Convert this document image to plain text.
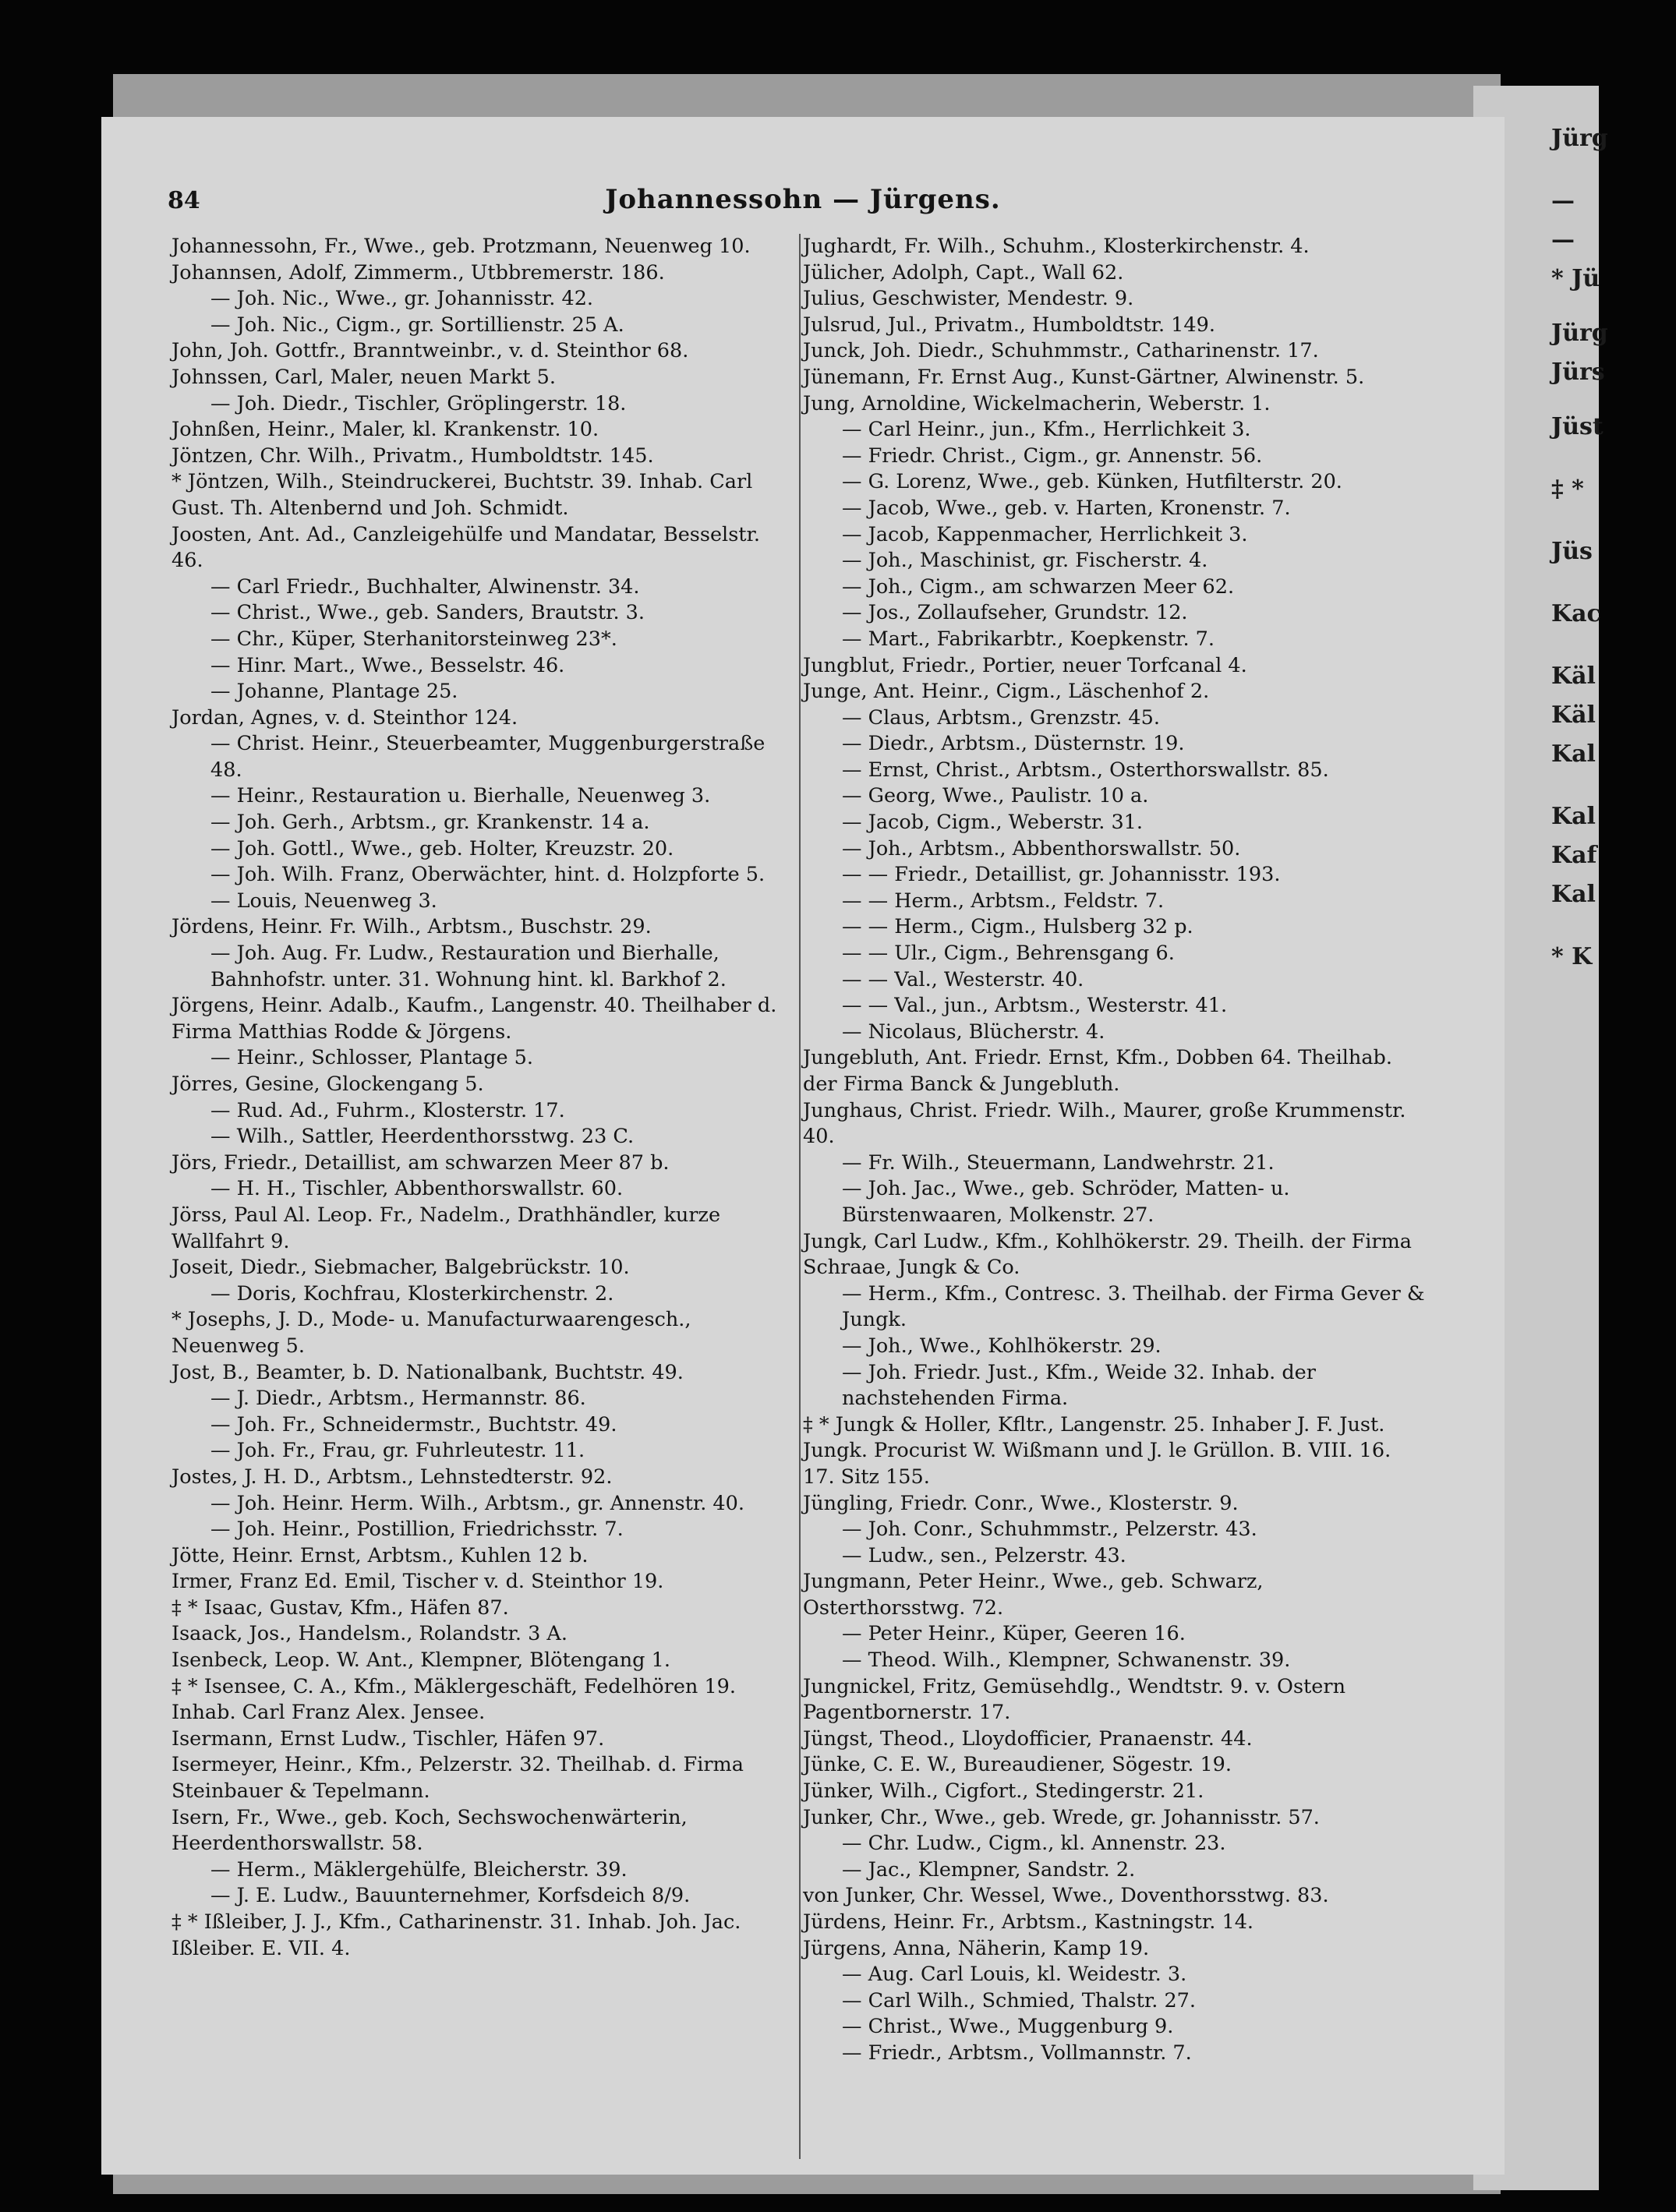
Jürg
—
—
* Jü
Jürg
Jürs
Jüst
‡ *
Jüs
Kac
Käl
Käl
Kal
Kal
Kaf
Kal
* K
84	Johannessohn — Jürgens.
Johannessohn, Fr., Wwe., geb. Protzmann, Neuenweg 10.
Johannsen, Adolf, Zimmerm., Utbbremerstr. 186.
— Joh. Nic., Wwe., gr. Johannisstr. 42.
— Joh. Nic., Cigm., gr. Sortillienstr. 25 A.
John, Joh. Gottfr., Branntweinbr., v. d. Steinthor 68.
Johnssen, Carl, Maler, neuen Markt 5.
— Joh. Diedr., Tischler, Gröplingerstr. 18.
Johnßen, Heinr., Maler, kl. Krankenstr. 10.
Jöntzen, Chr. Wilh., Privatm., Humboldtstr. 145.
* Jöntzen, Wilh., Steindruckerei, Buchtstr. 39. Inhab. Carl Gust. Th. Altenbernd und Joh. Schmidt.
Joosten, Ant. Ad., Canzleigehülfe und Mandatar, Besselstr. 46.
— Carl Friedr., Buchhalter, Alwinenstr. 34.
— Christ., Wwe., geb. Sanders, Brautstr. 3.
— Chr., Küper, Sterhanitorsteinweg 23*.
— Hinr. Mart., Wwe., Besselstr. 46.
— Johanne, Plantage 25.
Jordan, Agnes, v. d. Steinthor 124.
— Christ. Heinr., Steuerbeamter, Muggenburgerstraße 48.
— Heinr., Restauration u. Bierhalle, Neuenweg 3.
— Joh. Gerh., Arbtsm., gr. Krankenstr. 14 a.
— Joh. Gottl., Wwe., geb. Holter, Kreuzstr. 20.
— Joh. Wilh. Franz, Oberwächter, hint. d. Holzpforte 5.
— Louis, Neuenweg 3.
Jördens, Heinr. Fr. Wilh., Arbtsm., Buschstr. 29.
— Joh. Aug. Fr. Ludw., Restauration und Bierhalle, Bahnhofstr. unter. 31. Wohnung hint. kl. Barkhof 2.
Jörgens, Heinr. Adalb., Kaufm., Langenstr. 40. Theilhaber d. Firma Matthias Rodde & Jörgens.
— Heinr., Schlosser, Plantage 5.
Jörres, Gesine, Glockengang 5.
— Rud. Ad., Fuhrm., Klosterstr. 17.
— Wilh., Sattler, Heerdenthorsstwg. 23 C.
Jörs, Friedr., Detaillist, am schwarzen Meer 87 b.
— H. H., Tischler, Abbenthorswallstr. 60.
Jörss, Paul Al. Leop. Fr., Nadelm., Drathhändler, kurze Wallfahrt 9.
Joseit, Diedr., Siebmacher, Balgebrückstr. 10.
— Doris, Kochfrau, Klosterkirchenstr. 2.
* Josephs, J. D., Mode- u. Manufacturwaarengesch., Neuenweg 5.
Jost, B., Beamter, b. D. Nationalbank, Buchtstr. 49.
— J. Diedr., Arbtsm., Hermannstr. 86.
— Joh. Fr., Schneidermstr., Buchtstr. 49.
— Joh. Fr., Frau, gr. Fuhrleutestr. 11.
Jostes, J. H. D., Arbtsm., Lehnstedterstr. 92.
— Joh. Heinr. Herm. Wilh., Arbtsm., gr. Annenstr. 40.
— Joh. Heinr., Postillion, Friedrichsstr. 7.
Jötte, Heinr. Ernst, Arbtsm., Kuhlen 12 b.
Irmer, Franz Ed. Emil, Tischer v. d. Steinthor 19.
‡ * Isaac, Gustav, Kfm., Häfen 87.
Isaack, Jos., Handelsm., Rolandstr. 3 A.
Isenbeck, Leop. W. Ant., Klempner, Blötengang 1.
‡ * Isensee, C. A., Kfm., Mäklergeschäft, Fedelhören 19. Inhab. Carl Franz Alex. Jensee.
Isermann, Ernst Ludw., Tischler, Häfen 97.
Isermeyer, Heinr., Kfm., Pelzerstr. 32. Theilhab. d. Firma Steinbauer & Tepelmann.
Isern, Fr., Wwe., geb. Koch, Sechswochenwärterin, Heerdenthorswallstr. 58.
— Herm., Mäklergehülfe, Bleicherstr. 39.
— J. E. Ludw., Bauunternehmer, Korfsdeich 8/9.
‡ * Ißleiber, J. J., Kfm., Catharinenstr. 31. Inhab. Joh. Jac. Ißleiber. E. VII. 4.
Jughardt, Fr. Wilh., Schuhm., Klosterkirchenstr. 4.
Jülicher, Adolph, Capt., Wall 62.
Julius, Geschwister, Mendestr. 9.
Julsrud, Jul., Privatm., Humboldtstr. 149.
Junck, Joh. Diedr., Schuhmmstr., Catharinenstr. 17.
Jünemann, Fr. Ernst Aug., Kunst-Gärtner, Alwinenstr. 5.
Jung, Arnoldine, Wickelmacherin, Weberstr. 1.
— Carl Heinr., jun., Kfm., Herrlichkeit 3.
— Friedr. Christ., Cigm., gr. Annenstr. 56.
— G. Lorenz, Wwe., geb. Künken, Hutfilterstr. 20.
— Jacob, Wwe., geb. v. Harten, Kronenstr. 7.
— Jacob, Kappenmacher, Herrlichkeit 3.
— Joh., Maschinist, gr. Fischerstr. 4.
— Joh., Cigm., am schwarzen Meer 62.
— Jos., Zollaufseher, Grundstr. 12.
— Mart., Fabrikarbtr., Koepkenstr. 7.
Jungblut, Friedr., Portier, neuer Torfcanal 4.
Junge, Ant. Heinr., Cigm., Läschenhof 2.
— Claus, Arbtsm., Grenzstr. 45.
— Diedr., Arbtsm., Düsternstr. 19.
— Ernst, Christ., Arbtsm., Osterthorswallstr. 85.
— Georg, Wwe., Paulistr. 10 a.
— Jacob, Cigm., Weberstr. 31.
— Joh., Arbtsm., Abbenthorswallstr. 50.
— — Friedr., Detaillist, gr. Johannisstr. 193.
— — Herm., Arbtsm., Feldstr. 7.
— — Herm., Cigm., Hulsberg 32 p.
— — Ulr., Cigm., Behrensgang 6.
— — Val., Westerstr. 40.
— — Val., jun., Arbtsm., Westerstr. 41.
— Nicolaus, Blücherstr. 4.
Jungebluth, Ant. Friedr. Ernst, Kfm., Dobben 64. Theilhab. der Firma Banck & Jungebluth.
Junghaus, Christ. Friedr. Wilh., Maurer, große Krummenstr. 40.
— Fr. Wilh., Steuermann, Landwehrstr. 21.
— Joh. Jac., Wwe., geb. Schröder, Matten- u. Bürstenwaaren, Molkenstr. 27.
Jungk, Carl Ludw., Kfm., Kohlhökerstr. 29. Theilh. der Firma Schraae, Jungk & Co.
— Herm., Kfm., Contresc. 3. Theilhab. der Firma Gever & Jungk.
— Joh., Wwe., Kohlhökerstr. 29.
— Joh. Friedr. Just., Kfm., Weide 32. Inhab. der nachstehenden Firma.
‡ * Jungk & Holler, Kfltr., Langenstr. 25. Inhaber J. F. Just. Jungk. Procurist W. Wißmann und J. le Grüllon. B. VIII. 16. 17. Sitz 155.
Jüngling, Friedr. Conr., Wwe., Klosterstr. 9.
— Joh. Conr., Schuhmmstr., Pelzerstr. 43.
— Ludw., sen., Pelzerstr. 43.
Jungmann, Peter Heinr., Wwe., geb. Schwarz, Osterthorsstwg. 72.
— Peter Heinr., Küper, Geeren 16.
— Theod. Wilh., Klempner, Schwanenstr. 39.
Jungnickel, Fritz, Gemüsehdlg., Wendtstr. 9. v. Ostern Pagentbornerstr. 17.
Jüngst, Theod., Lloydofficier, Pranaenstr. 44.
Jünke, C. E. W., Bureaudiener, Sögestr. 19.
Jünker, Wilh., Cigfort., Stedingerstr. 21.
Junker, Chr., Wwe., geb. Wrede, gr. Johannisstr. 57.
— Chr. Ludw., Cigm., kl. Annenstr. 23.
— Jac., Klempner, Sandstr. 2.
von Junker, Chr. Wessel, Wwe., Doventhorsstwg. 83.
Jürdens, Heinr. Fr., Arbtsm., Kastningstr. 14.
Jürgens, Anna, Näherin, Kamp 19.
— Aug. Carl Louis, kl. Weidestr. 3.
— Carl Wilh., Schmied, Thalstr. 27.
— Christ., Wwe., Muggenburg 9.
— Friedr., Arbtsm., Vollmannstr. 7.
